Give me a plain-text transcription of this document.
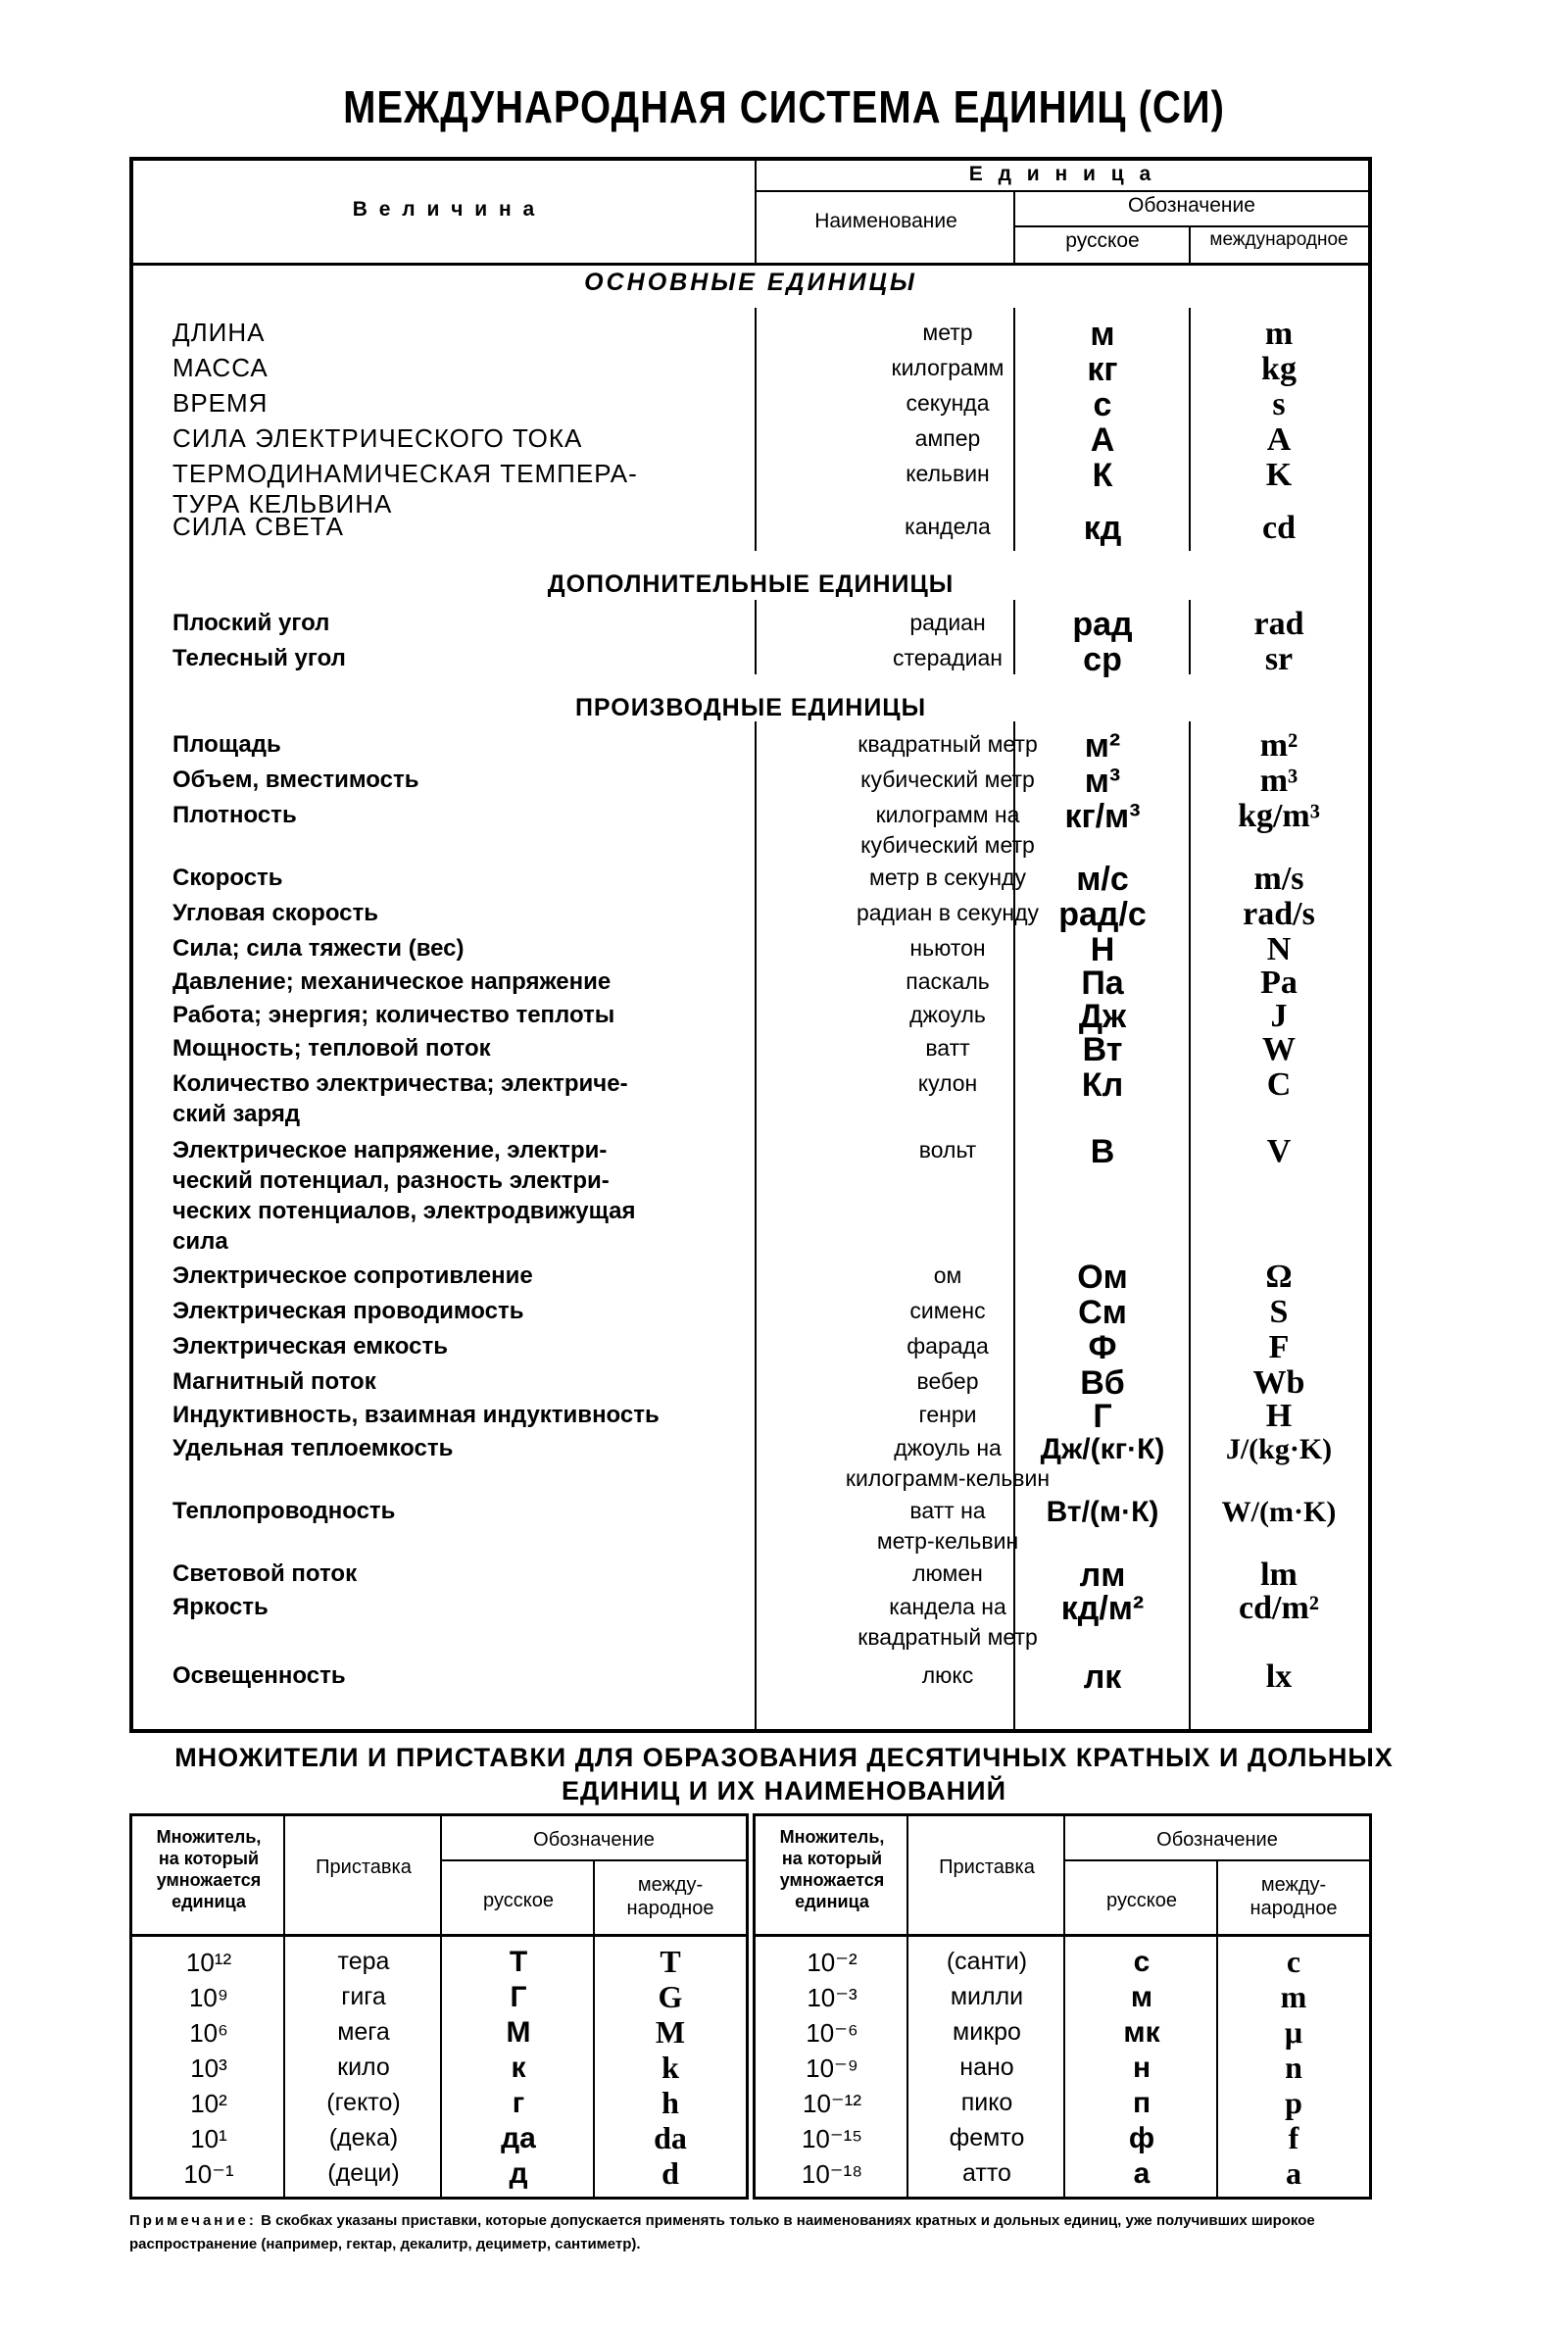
МЕЖДУНАРОДНАЯ СИСТЕМА ЕДИНИЦ (СИ)
В е л и ч и н а
Е д и н и ц а
Наименование
Обозначение
русское	международное
ОСНОВНЫЕ ЕДИНИЦЫ
ДЛИНА	метр	м	m
МАССА	килограмм	кг	kg
ВРЕМЯ	секунда	с	s
СИЛА ЭЛЕКТРИЧЕСКОГО ТОКА	ампер	А	A
ТЕРМОДИНАМИЧЕСКАЯ ТЕМПЕРА-
ТУРА КЕЛЬВИНА
кельвин	К	K
СИЛА СВЕТА	кандела	кд	cd
ДОПОЛНИТЕЛЬНЫЕ ЕДИНИЦЫ
Плоский угол	радиан	рад	rad
Телесный угол	стерадиан	ср	sr
ПРОИЗВОДНЫЕ ЕДИНИЦЫ
Площадь	квадратный метр	м²	m²
Объем, вместимость	кубический метр	м³	m³
Плотность	килограмм на
кубический метр
кг/м³	kg/m³
Скорость	метр в секунду	м/с	m/s
Угловая скорость	радиан в секунду рад/с	rad/s
Сила; сила тяжести (вес)	ньютон	Н	N
Давление; механическое напряжение	паскаль	Па	Pa
Работа; энергия; количество теплоты	джоуль	Дж	J
Мощность; тепловой поток	ватт	Вт	W
Количество электричества; электриче-
ский заряд
кулон	Кл	C
Электрическое напряжение, электри-
ческий потенциал, разность электри-
ческих потенциалов, электродвижущая
сила
вольт	В	V
Электрическое сопротивление	ом	Ом	Ω
Электрическая проводимость	сименс	См	S
Электрическая емкость	фарада	Ф	F
Магнитный поток	вебер	Вб	Wb
Индуктивность, взаимная индуктивность	генри	Г	H
Удельная теплоемкость	джоуль на
килограмм-кельвин
Дж/(кг·К)	J/(kg·K)
Теплопроводность	ватт на
метр-кельвин
Вт/(м·К)	W/(m·K)
Световой поток	люмен	лм	lm
Яркость	кандела на
квадратный метр
кд/м²	cd/m²
Освещенность	люкс	лк	lx
МНОЖИТЕЛИ И ПРИСТАВКИ ДЛЯ ОБРАЗОВАНИЯ ДЕСЯТИЧНЫХ КРАТНЫХ И ДОЛЬНЫХ
ЕДИНИЦ И ИХ НАИМЕНОВАНИЙ
Множитель,
на который
умножается
единица
Приставка
Обозначение
русское
между-
народное
10¹²	тера	Т	T
10⁹	гига	Г	G
10⁶	мега	М	M
10³	кило	к	k
10²	(гекто)	г	h
10¹	(дека)	да	da
10⁻¹	(деци)	д	d
Множитель,
на который
умножается
единица
Приставка
Обозначение
русское
между-
народное
10⁻²	(санти)	с	c
10⁻³	милли	м	m
10⁻⁶	микро	мк	μ
10⁻⁹	нано	н	n
10⁻¹²	пико	п	p
10⁻¹⁵	фемто	ф	f
10⁻¹⁸	атто	а	a
Примечание: В скобках указаны приставки, которые допускается применять только в наименованиях кратных и дольных единиц, уже получивших широкое распространение (например, гектар, декалитр, дециметр, сантиметр).
